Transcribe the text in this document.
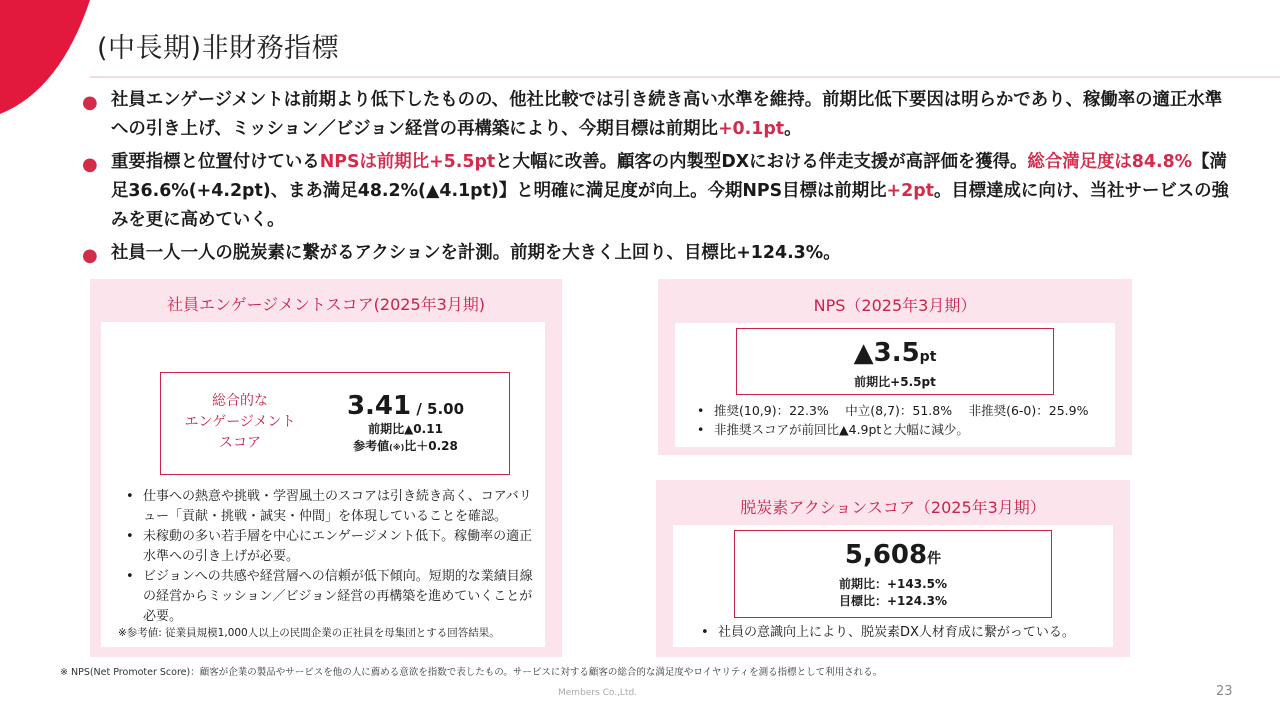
(中長期)非財務指標
● 社員エンゲージメントは前期より低下したものの、他社比較では引き続き高い水準を維持。前期比低下要因は明らかであり、稼働率の適正水準への引き上げ、ミッション／ビジョン経営の再構築により、今期目標は前期比+0.1pt。
● 重要指標と位置付けているNPSは前期比+5.5ptと大幅に改善。顧客の内製型DXにおける伴走支援が高評価を獲得。総合満足度は84.8%【満足36.6%(+4.2pt)、まあ満足48.2%(▲4.1pt)】と明確に満足度が向上。今期NPS目標は前期比+2pt。目標達成に向け、当社サービスの強みを更に高めていく。
● 社員一人一人の脱炭素に繋がるアクションを計測。前期を大きく上回り、目標比+124.3%。
社員エンゲージメントスコア(2025年3月期)
総合的な
エンゲージメント
スコア
3.41 / 5.00
前期比▲0.11
参考値(※)比＋0.28
• 仕事への熱意や挑戦・学習風土のスコアは引き続き高く、コアバリュー「貢献・挑戦・誠実・仲間」を体現していることを確認。
• 未稼動の多い若手層を中心にエンゲージメント低下。稼働率の適正水準への引き上げが必要。
• ビジョンへの共感や経営層への信頼が低下傾向。短期的な業績目線の経営からミッション／ビジョン経営の再構築を進めていくことが必要。
※参考値: 従業員規模1,000人以上の民間企業の正社員を母集団とする回答結果。
NPS（2025年3月期）
▲3.5pt
前期比+5.5pt
• 推奨(10,9)：22.3%　 中立(8,7)：51.8%　 非推奨(6-0)：25.9%
• 非推奨スコアが前回比▲4.9ptと大幅に減少。
脱炭素アクションスコア（2025年3月期）
5,608件
前期比：+143.5%
目標比：+124.3%
• 社員の意識向上により、脱炭素DX人材育成に繋がっている。
※ NPS(Net Promoter Score)：顧客が企業の製品やサービスを他の人に薦める意欲を指数で表したもの。サービスに対する顧客の総合的な満足度やロイヤリティを測る指標として利用される。
Members Co.,Ltd.	23
